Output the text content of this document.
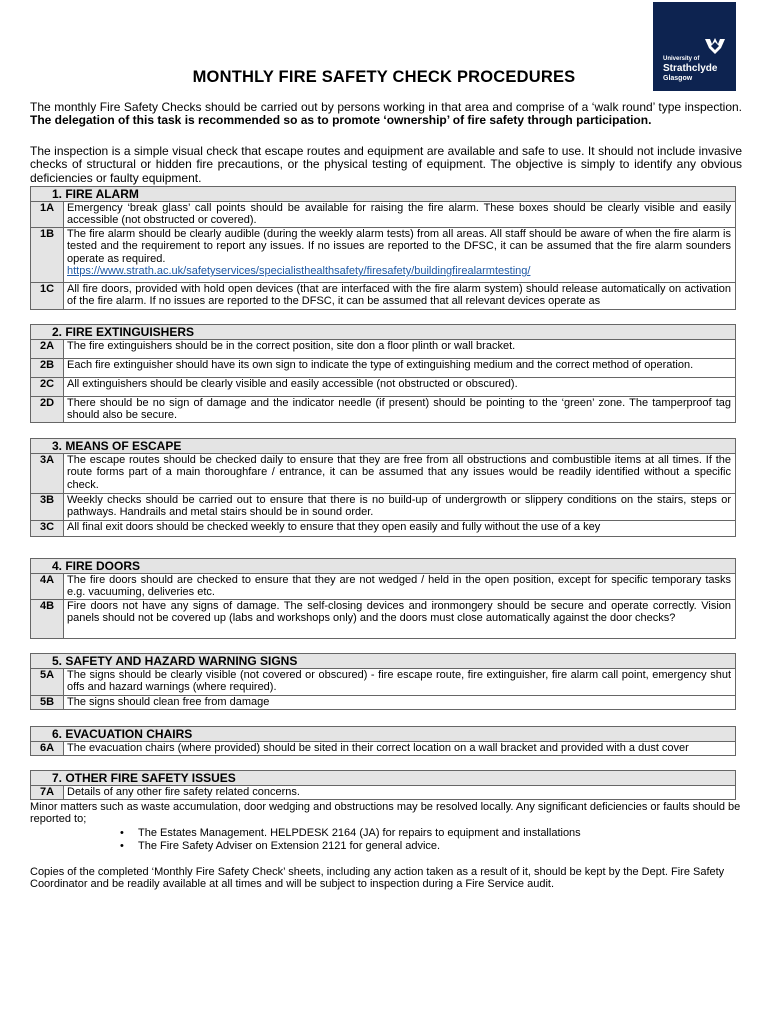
University of
Strathclyde
Glasgow
MONTHLY FIRE SAFETY CHECK PROCEDURES
The monthly Fire Safety Checks should be carried out by persons working in that area and comprise of a ‘walk round’ type inspection. The delegation of this task is recommended so as to promote ‘ownership’ of fire safety through participation.
The inspection is a simple visual check that escape routes and equipment are available and safe to use. It should not include invasive checks of structural or hidden fire precautions, or the physical testing of equipment. The objective is simply to identify any obvious deficiencies or faulty equipment.
1. FIRE ALARM	
1A	Emergency ‘break glass’ call points should be available for raising the fire alarm. These boxes should be clearly visible and easily accessible (not obstructed or covered).
1B	The fire alarm should be clearly audible (during the weekly alarm tests) from all areas. All staff should be aware of when the fire alarm is tested and the requirement to report any issues. If no issues are reported to the DFSC, it can be assumed that the fire alarm sounders operate as required.
https://www.strath.ac.uk/safetyservices/specialisthealthsafety/firesafety/buildingfirealarmtesting/
1C	All fire doors, provided with hold open devices (that are interfaced with the fire alarm system) should release automatically on activation of the fire alarm. If no issues are reported to the DFSC, it can be assumed that all relevant devices operate as
2. FIRE EXTINGUISHERS	
2A	The fire extinguishers should be in the correct position, site don a floor plinth or wall bracket.
2B	Each fire extinguisher should have its own sign to indicate the type of extinguishing medium and the correct method of operation.
2C	All extinguishers should be clearly visible and easily accessible (not obstructed or obscured).
2D	There should be no sign of damage and the indicator needle (if present) should be pointing to the ‘green’ zone. The tamperproof tag should also be secure.
3. MEANS OF ESCAPE	
3A	The escape routes should be checked daily to ensure that they are free from all obstructions and combustible items at all times. If the route forms part of a main thoroughfare / entrance, it can be assumed that any issues would be readily identified without a specific check.
3B	Weekly checks should be carried out to ensure that there is no build-up of undergrowth or slippery conditions on the stairs, steps or pathways. Handrails and metal stairs should be in sound order.
3C	All final exit doors should be checked weekly to ensure that they open easily and fully without the use of a key
4. FIRE DOORS	
4A	The fire doors should are checked to ensure that they are not wedged / held in the open position, except for specific temporary tasks e.g. vacuuming, deliveries etc.
4B	Fire doors not have any signs of damage. The self-closing devices and ironmongery should be secure and operate correctly. Vision panels should not be covered up (labs and workshops only) and the doors must close automatically against the door checks?
5. SAFETY AND HAZARD WARNING SIGNS	
5A	The signs should be clearly visible (not covered or obscured) - fire escape route, fire extinguisher, fire alarm call point, emergency shut offs and hazard warnings (where required).
5B	The signs should clean free from damage
6. EVACUATION CHAIRS
6A	The evacuation chairs (where provided) should be sited in their correct location on a wall bracket and provided with a dust cover
7. OTHER FIRE SAFETY ISSUES
7A	Details of any other fire safety related concerns.
Minor matters such as waste accumulation, door wedging and obstructions may be resolved locally. Any significant deficiencies or faults should be reported to;
• The Estates Management. HELPDESK 2164 (JA) for repairs to equipment and installations
• The Fire Safety Adviser on Extension 2121 for general advice.
Copies of the completed ‘Monthly Fire Safety Check’ sheets, including any action taken as a result of it, should be kept by the Dept. Fire Safety Coordinator and be readily available at all times and will be subject to inspection during a Fire Service audit.
